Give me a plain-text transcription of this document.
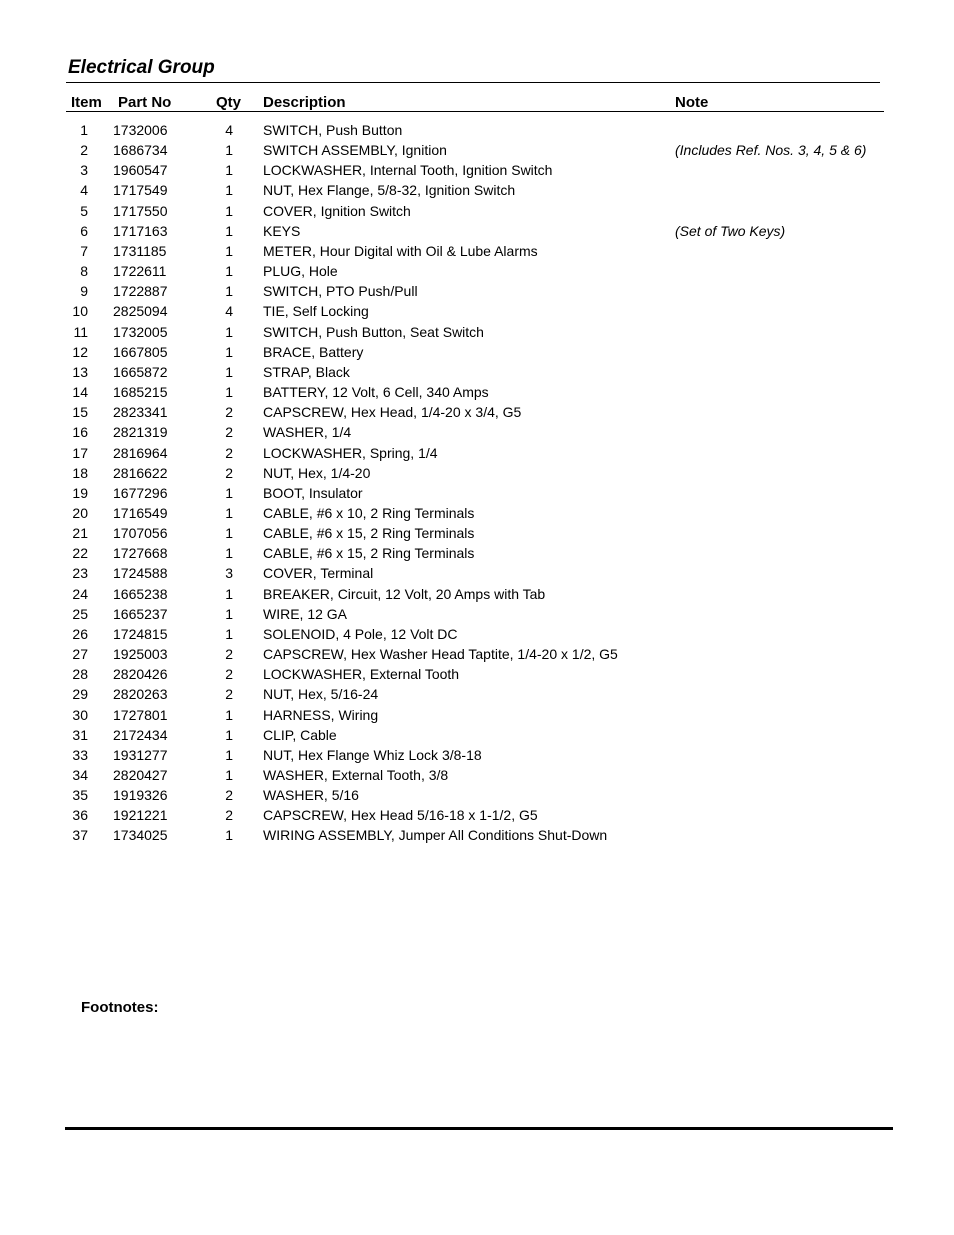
Electrical Group
Item Part No	Qty Description	Note
1 1732006	4 SWITCH, Push Button
2 1686734	1 SWITCH ASSEMBLY, Ignition	(Includes Ref. Nos. 3, 4, 5 & 6)
3 1960547	1 LOCKWASHER, Internal Tooth, Ignition Switch
4 1717549	1 NUT, Hex Flange, 5/8-32, Ignition Switch
5 1717550	1 COVER, Ignition Switch
6 1717163	1 KEYS	(Set of Two Keys)
7 1731185	1 METER, Hour Digital with Oil & Lube Alarms
8 1722611	1 PLUG, Hole
9 1722887	1 SWITCH, PTO Push/Pull
10 2825094	4 TIE, Self Locking
11 1732005	1 SWITCH, Push Button, Seat Switch
12 1667805	1 BRACE, Battery
13 1665872	1 STRAP, Black
14 1685215	1 BATTERY, 12 Volt, 6 Cell, 340 Amps
15 2823341	2 CAPSCREW, Hex Head, 1/4-20 x 3/4, G5
16 2821319	2 WASHER, 1/4
17 2816964	2 LOCKWASHER, Spring, 1/4
18 2816622	2 NUT, Hex, 1/4-20
19 1677296	1 BOOT, Insulator
20 1716549	1 CABLE, #6 x 10, 2 Ring Terminals
21 1707056	1 CABLE, #6 x 15, 2 Ring Terminals
22 1727668	1 CABLE, #6 x 15, 2 Ring Terminals
23 1724588	3 COVER, Terminal
24 1665238	1 BREAKER, Circuit, 12 Volt, 20 Amps with Tab
25 1665237	1 WIRE, 12 GA
26 1724815	1 SOLENOID, 4 Pole, 12 Volt DC
27 1925003	2 CAPSCREW, Hex Washer Head Taptite, 1/4-20 x 1/2, G5
28 2820426	2 LOCKWASHER, External Tooth
29 2820263	2 NUT, Hex, 5/16-24
30 1727801	1 HARNESS, Wiring
31 2172434	1 CLIP, Cable
33 1931277	1 NUT, Hex Flange Whiz Lock 3/8-18
34 2820427	1 WASHER, External Tooth, 3/8
35 1919326	2 WASHER, 5/16
36 1921221	2 CAPSCREW, Hex Head 5/16-18 x 1-1/2, G5
37 1734025	1 WIRING ASSEMBLY, Jumper All Conditions Shut-Down
Footnotes:
